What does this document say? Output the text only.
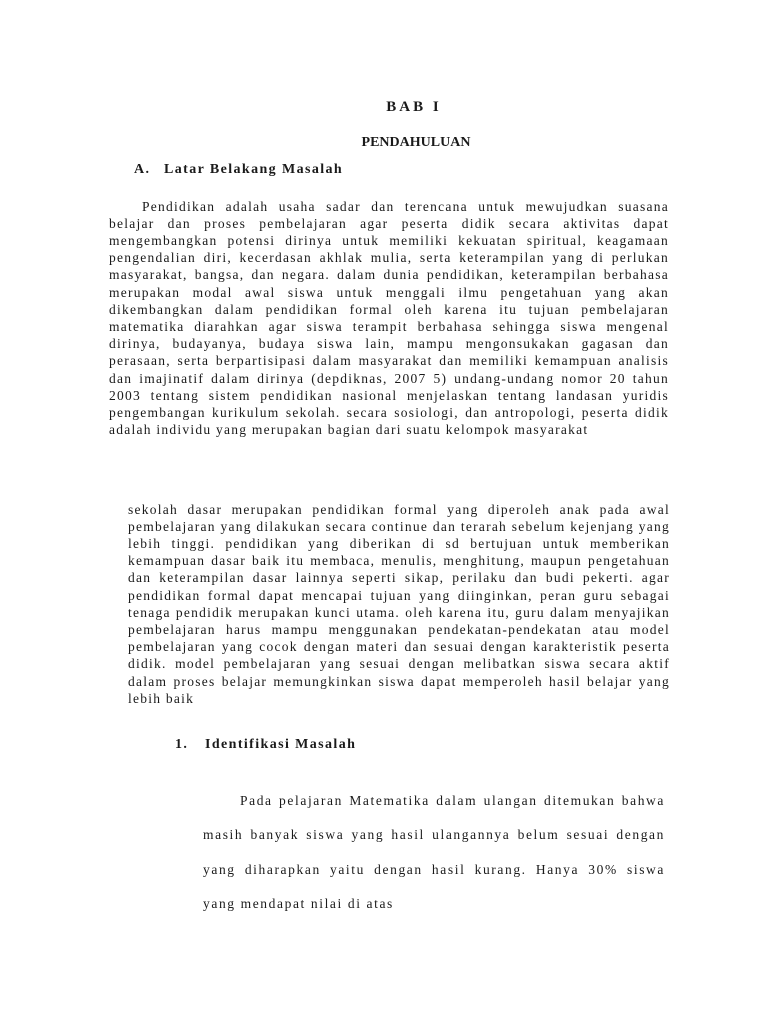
BAB I
PENDAHULUAN
A. Latar Belakang Masalah

Pendidikan adalah usaha sadar dan terencana untuk mewujudkan suasana belajar dan proses pembelajaran agar peserta didik secara aktivitas dapat mengembangkan potensi dirinya untuk memiliki kekuatan spiritual, keagamaan pengendalian diri, kecerdasan akhlak mulia, serta keterampilan yang di perlukan masyarakat, bangsa, dan negara. dalam dunia pendidikan, keterampilan berbahasa merupakan modal awal siswa untuk menggali ilmu pengetahuan yang akan dikembangkan dalam pendidikan formal oleh karena itu tujuan pembelajaran matematika diarahkan agar siswa terampit berbahasa sehingga siswa mengenal dirinya, budayanya, budaya siswa lain, mampu mengonsukakan gagasan dan perasaan, serta berpartisipasi dalam masyarakat dan memiliki kemampuan analisis dan imajinatif dalam dirinya (depdiknas, 2007 5) undang-undang nomor 20 tahun 2003 tentang sistem pendidikan nasional menjelaskan tentang landasan yuridis pengembangan kurikulum sekolah. secara sosiologi, dan antropologi, peserta didik adalah individu yang merupakan bagian dari suatu kelompok masyarakat

sekolah dasar merupakan pendidikan formal yang diperoleh anak pada awal pembelajaran yang dilakukan secara continue dan terarah sebelum kejenjang yang lebih tinggi. pendidikan yang diberikan di sd bertujuan untuk memberikan kemampuan dasar baik itu membaca, menulis, menghitung, maupun pengetahuan dan keterampilan dasar lainnya seperti sikap, perilaku dan budi pekerti. agar pendidikan formal dapat mencapai tujuan yang diinginkan, peran guru sebagai tenaga pendidik merupakan kunci utama. oleh karena itu, guru dalam menyajikan pembelajaran harus mampu menggunakan pendekatan-pendekatan atau model pembelajaran yang cocok dengan materi dan sesuai dengan karakteristik peserta didik. model pembelajaran yang sesuai dengan melibatkan siswa secara aktif dalam proses belajar memungkinkan siswa dapat memperoleh hasil belajar yang lebih baik

1. Identifikasi Masalah

Pada pelajaran Matematika dalam ulangan ditemukan bahwa masih banyak siswa yang hasil ulangannya belum sesuai dengan yang diharapkan yaitu dengan hasil kurang. Hanya 30% siswa yang mendapat nilai di atas
